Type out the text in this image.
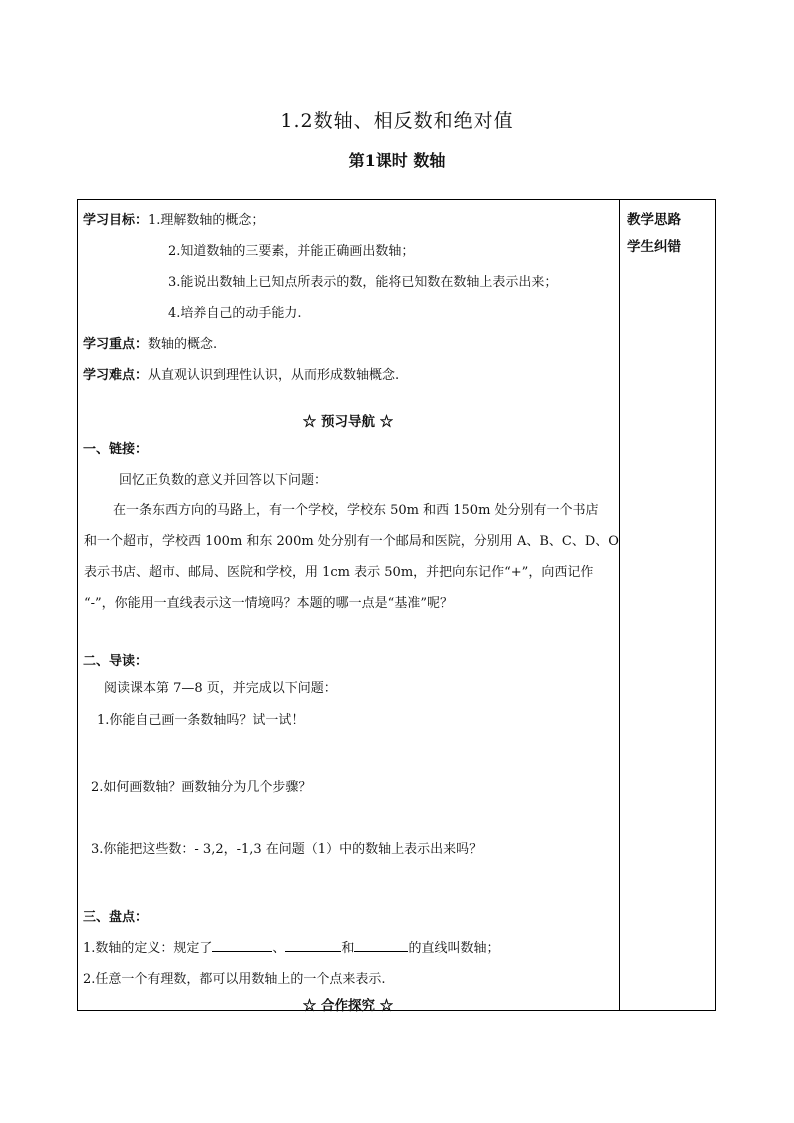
1.2数轴、相反数和绝对值
第1课时 数轴
教学思路
学生纠错
学习目标：1.理解数轴的概念；
2.知道数轴的三要素，并能正确画出数轴；
3.能说出数轴上已知点所表示的数，能将已知数在数轴上表示出来；
4.培养自己的动手能力.
学习重点：数轴的概念.
学习难点：从直观认识到理性认识，从而形成数轴概念.
☆ 预习导航 ☆
一、链接：
回忆正负数的意义并回答以下问题：
在一条东西方向的马路上，有一个学校，学校东 50m 和西 150m 处分别有一个书店
和一个超市，学校西 100m 和东 200m 处分别有一个邮局和医院，分别用 A、B、C、D、O
表示书店、超市、邮局、医院和学校，用 1cm 表示 50m，并把向东记作“+”，向西记作
“-”，你能用一直线表示这一情境吗？本题的哪一点是“基准”呢？
二、导读：
阅读课本第 7—8 页，并完成以下问题：
1.你能自己画一条数轴吗？试一试！
2.如何画数轴？画数轴分为几个步骤？
3.你能把这些数：- 3,2，-1,3 在问题（1）中的数轴上表示出来吗？
三、盘点：
1.数轴的定义：规定了	、	和	的直线叫数轴；
2.任意一个有理数，都可以用数轴上的一个点来表示.
☆ 合作探究 ☆
